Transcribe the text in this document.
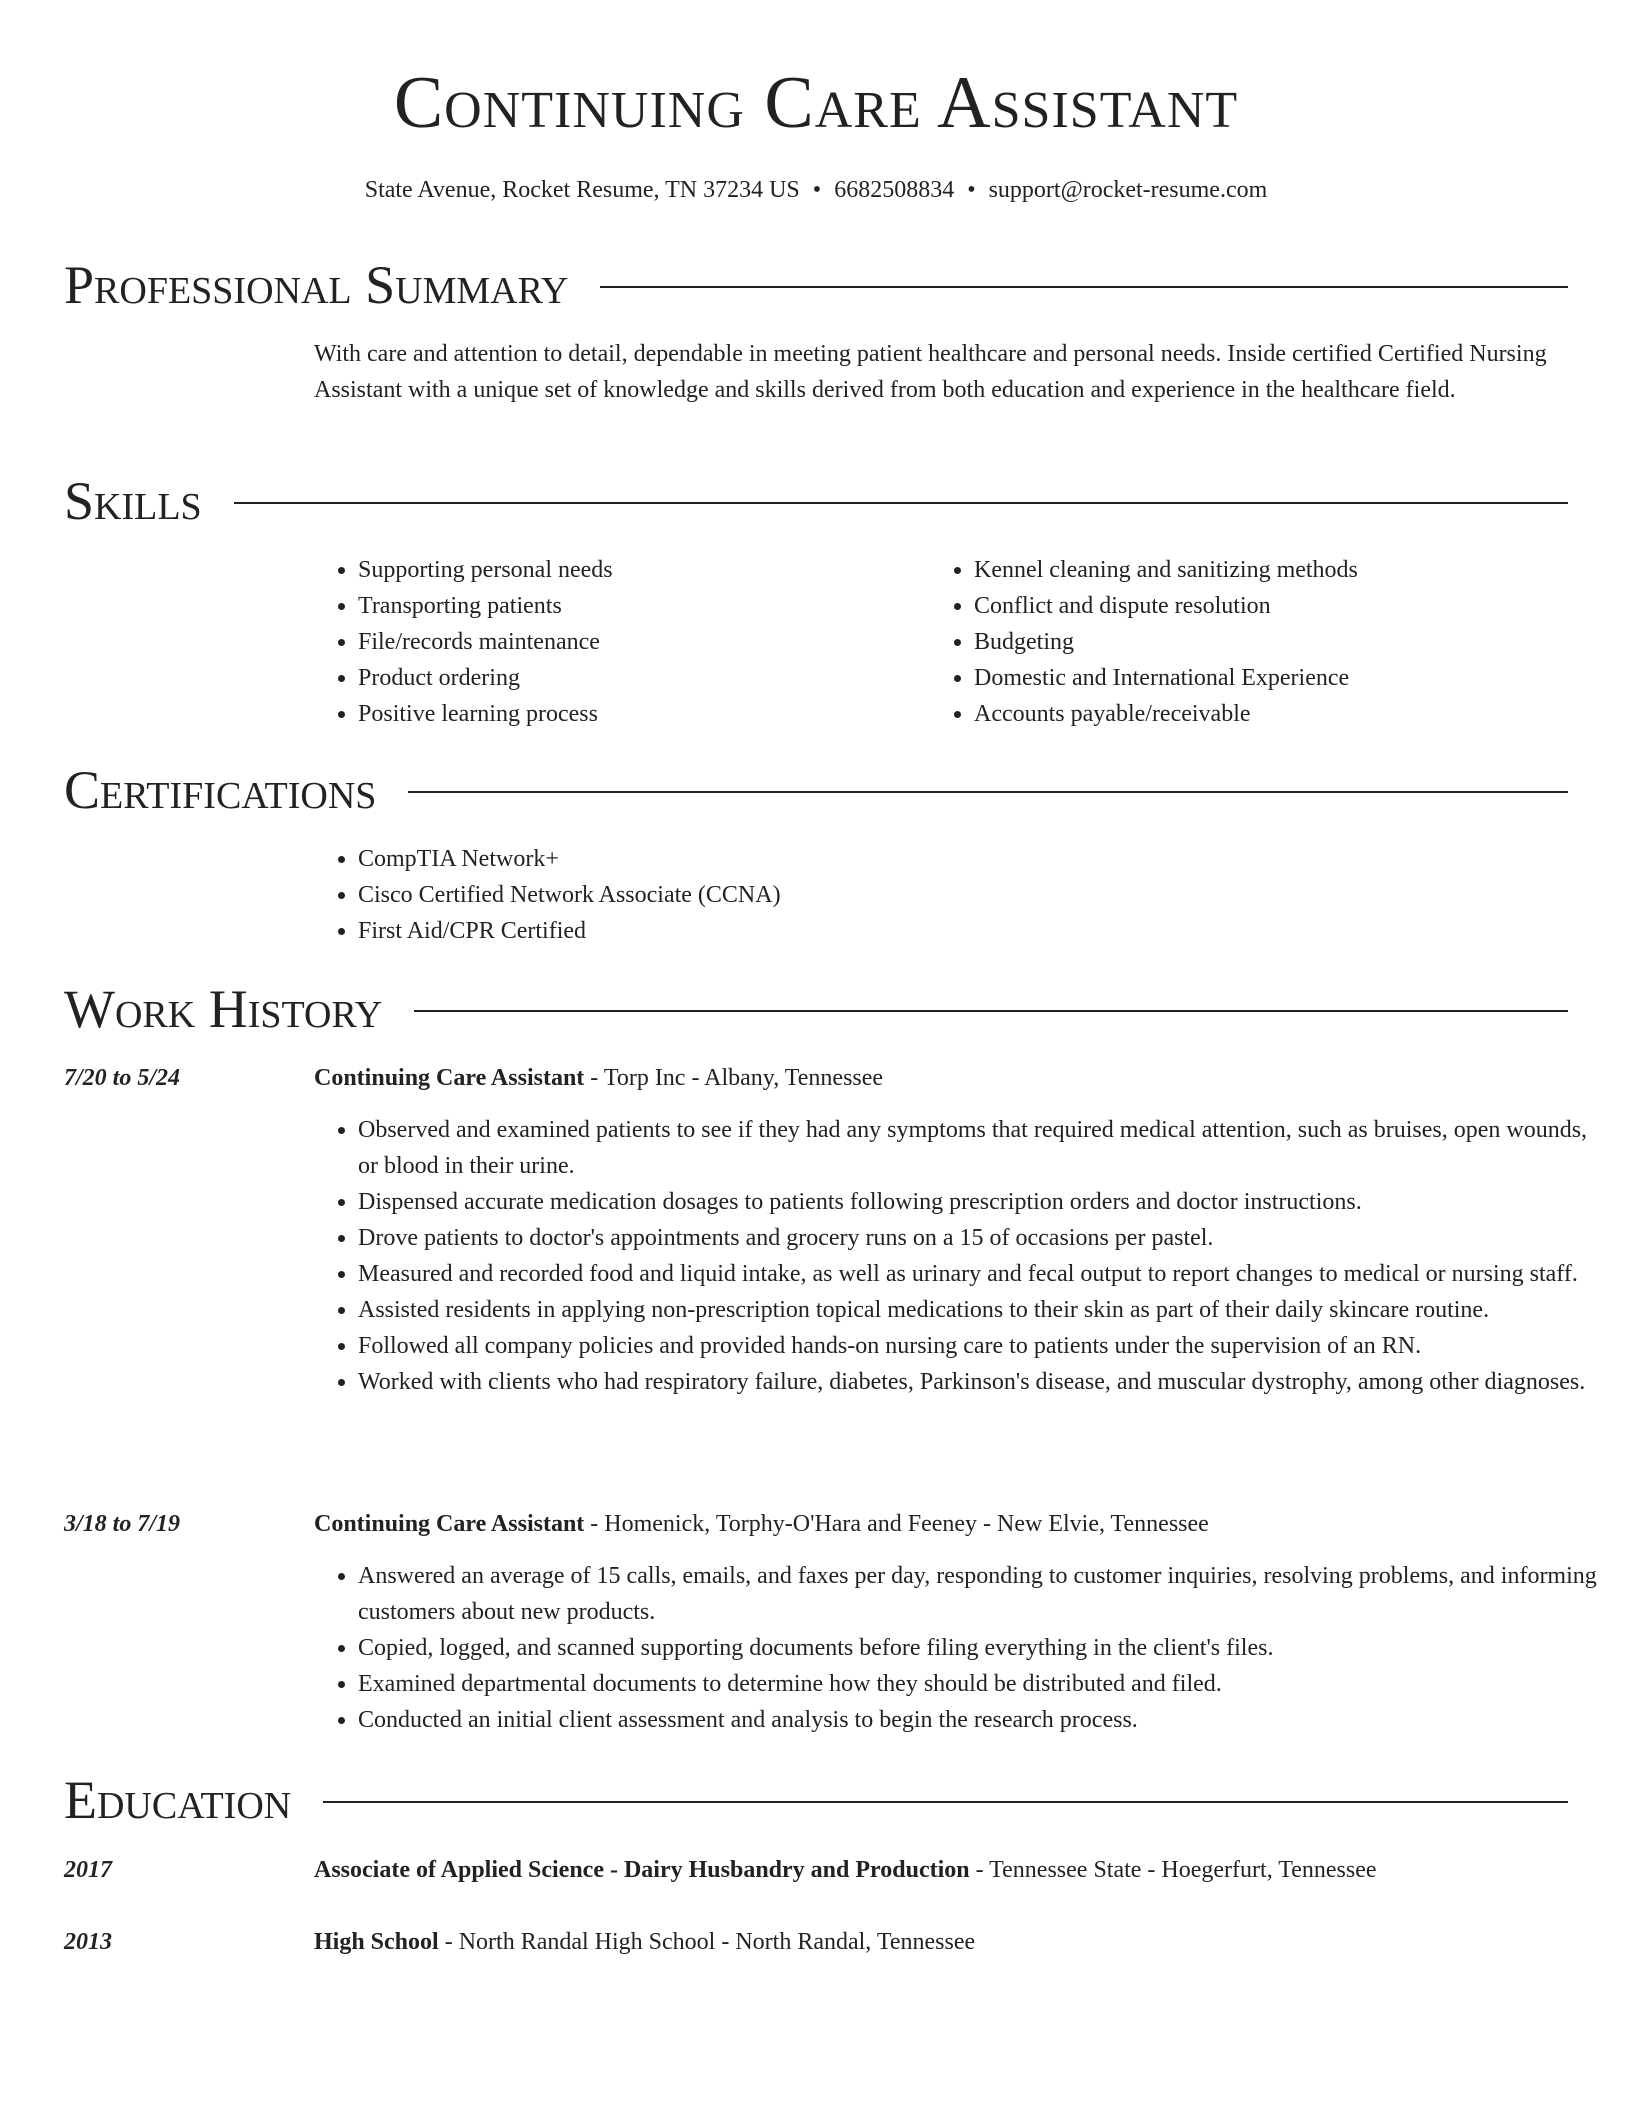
Continuing Care Assistant
State Avenue, Rocket Resume, TN 37234 US • 6682508834 • support@rocket-resume.com
Professional Summary

With care and attention to detail, dependable in meeting patient healthcare and personal needs. Inside certified Certified Nursing Assistant with a unique set of knowledge and skills derived from both education and experience in the healthcare field.

Skills
• Supporting personal needs
• Transporting patients
• File/records maintenance
• Product ordering
• Positive learning process
• Kennel cleaning and sanitizing methods
• Conflict and dispute resolution
• Budgeting
• Domestic and International Experience
• Accounts payable/receivable
Certifications
• CompTIA Network+
• Cisco Certified Network Associate (CCNA)
• First Aid/CPR Certified
Work History
7/20 to 5/24	Continuing Care Assistant - Torp Inc - Albany, Tennessee
• Observed and examined patients to see if they had any symptoms that required medical attention, such as bruises, open wounds, or blood in their urine.
• Dispensed accurate medication dosages to patients following prescription orders and doctor instructions.
• Drove patients to doctor's appointments and grocery runs on a 15 of occasions per pastel.
• Measured and recorded food and liquid intake, as well as urinary and fecal output to report changes to medical or nursing staff.
• Assisted residents in applying non-prescription topical medications to their skin as part of their daily skincare routine.
• Followed all company policies and provided hands-on nursing care to patients under the supervision of an RN.
• Worked with clients who had respiratory failure, diabetes, Parkinson's disease, and muscular dystrophy, among other diagnoses.
3/18 to 7/19	Continuing Care Assistant - Homenick, Torphy-O'Hara and Feeney - New Elvie, Tennessee
• Answered an average of 15 calls, emails, and faxes per day, responding to customer inquiries, resolving problems, and informing customers about new products.
• Copied, logged, and scanned supporting documents before filing everything in the client's files.
• Examined departmental documents to determine how they should be distributed and filed.
• Conducted an initial client assessment and analysis to begin the research process.
Education
2017	Associate of Applied Science - Dairy Husbandry and Production - Tennessee State - Hoegerfurt, Tennessee
2013	High School - North Randal High School - North Randal, Tennessee
